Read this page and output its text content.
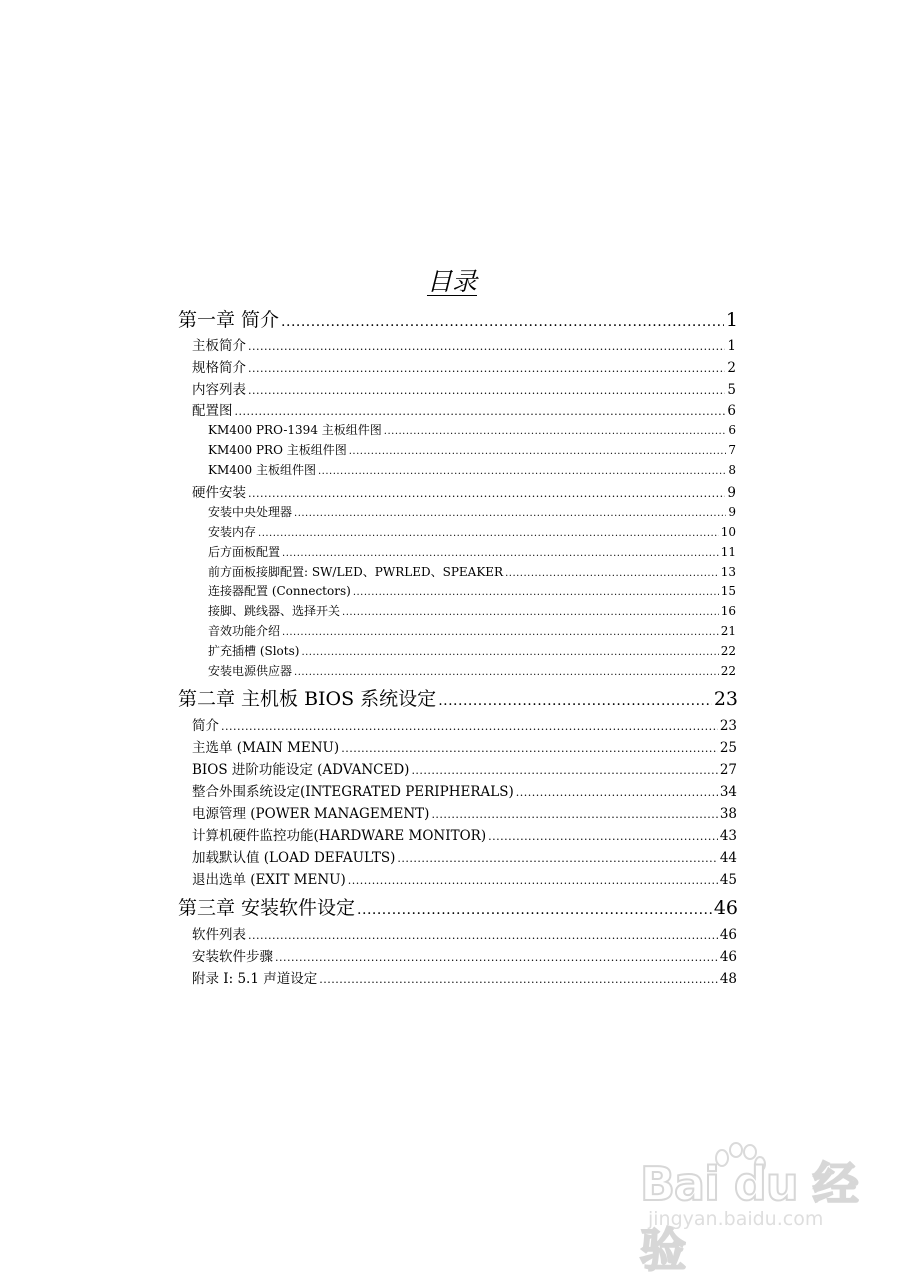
目录
第一章 简介 .....	1
主板简介 .....	1
规格简介 .....	2
内容列表 .....	5
配置图 .....	6
KM400 PRO-1394 主板组件图 .....	6
KM400 PRO 主板组件图 .....	7
KM400 主板组件图 .....	8
硬件安装 .....	9
安装中央处理器 .....	9
安装内存 .....	10
后方面板配置 .....	11
前方面板接脚配置: SW/LED、PWRLED、SPEAKER .....	13
连接器配置 (Connectors) .....	15
接脚、跳线器、选择开关 .....	16
音效功能介绍 .....	21
扩充插槽 (Slots) .....	22
安装电源供应器 .....	22
第二章 主机板 BIOS 系统设定 .....	23
简介 .....	23
主选单 (MAIN MENU) .....	25
BIOS 进阶功能设定 (ADVANCED) .....	27
整合外围系统设定(INTEGRATED PERIPHERALS) .....	34
电源管理 (POWER MANAGEMENT) .....	38
计算机硬件监控功能(HARDWARE MONITOR) .....	43
加载默认值 (LOAD DEFAULTS) .....	44
退出选单 (EXIT MENU) .....	45
第三章 安装软件设定 .....	46
软件列表 .....	46
安装软件步骤 .....	46
附录 I: 5.1 声道设定 .....	48
Bai du 经验
jingyan.baidu.com
